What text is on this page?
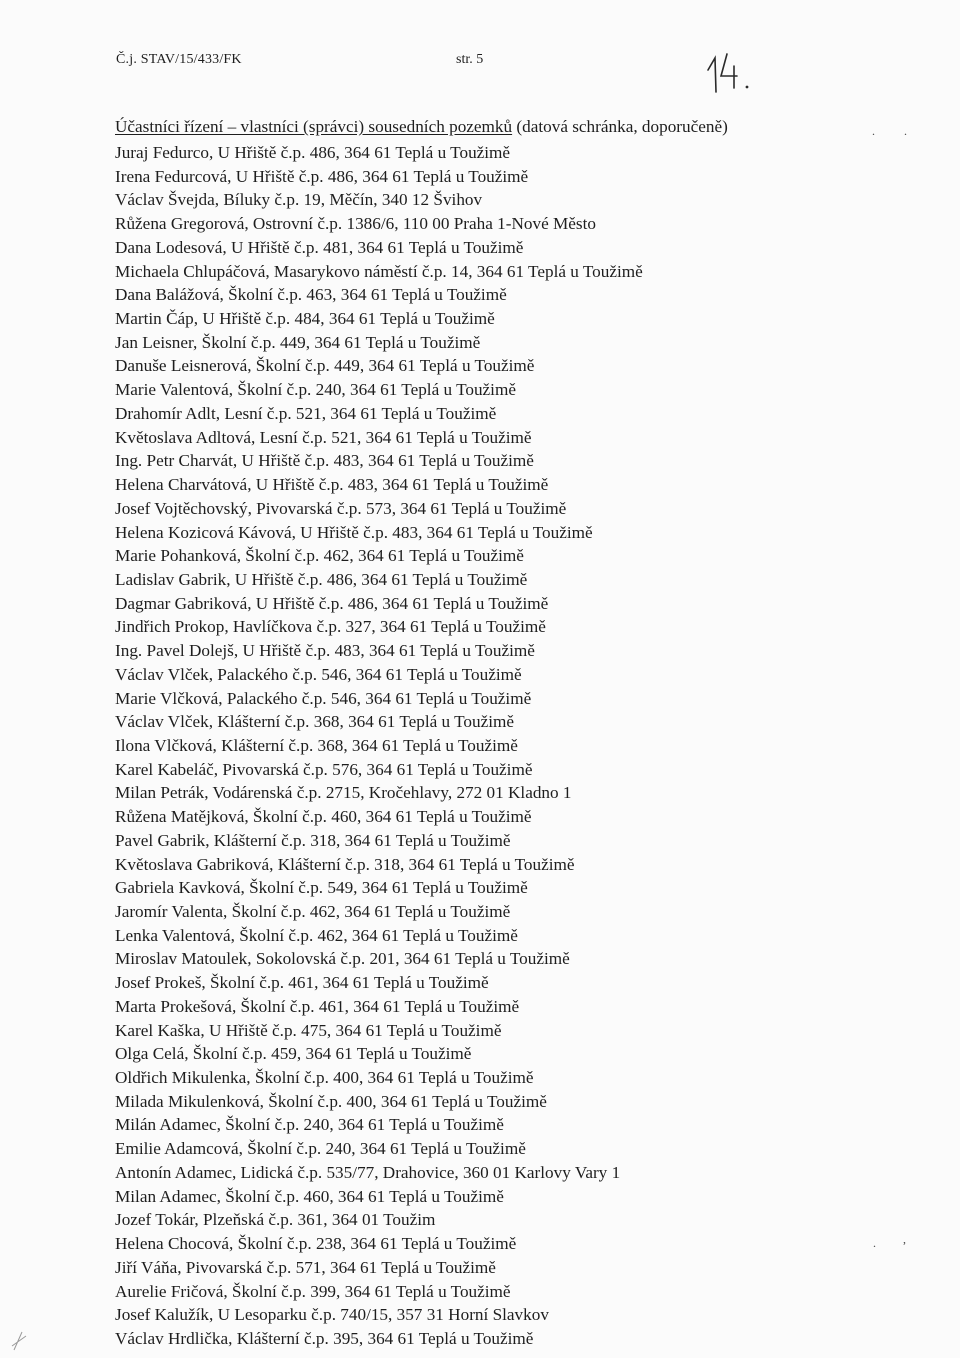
Č.j. STAV/15/433/FK	str. 5
Účastníci řízení – vlastníci (správci) sousedních pozemků (datová schránka, doporučeně)
Juraj Fedurco, U Hřiště č.p. 486, 364 61 Teplá u Toužimě
Irena Fedurcová, U Hřiště č.p. 486, 364 61 Teplá u Toužimě
Václav Švejda, Bíluky č.p. 19, Měčín, 340 12 Švihov
Růžena Gregorová, Ostrovní č.p. 1386/6, 110 00 Praha 1-Nové Město
Dana Lodesová, U Hřiště č.p. 481, 364 61 Teplá u Toužimě
Michaela Chlupáčová, Masarykovo náměstí č.p. 14, 364 61 Teplá u Toužimě
Dana Balážová, Školní č.p. 463, 364 61 Teplá u Toužimě
Martin Čáp, U Hřiště č.p. 484, 364 61 Teplá u Toužimě
Jan Leisner, Školní č.p. 449, 364 61 Teplá u Toužimě
Danuše Leisnerová, Školní č.p. 449, 364 61 Teplá u Toužimě
Marie Valentová, Školní č.p. 240, 364 61 Teplá u Toužimě
Drahomír Adlt, Lesní č.p. 521, 364 61 Teplá u Toužimě
Květoslava Adltová, Lesní č.p. 521, 364 61 Teplá u Toužimě
Ing. Petr Charvát, U Hřiště č.p. 483, 364 61 Teplá u Toužimě
Helena Charvátová, U Hřiště č.p. 483, 364 61 Teplá u Toužimě
Josef Vojtěchovský, Pivovarská č.p. 573, 364 61 Teplá u Toužimě
Helena Kozicová Kávová, U Hřiště č.p. 483, 364 61 Teplá u Toužimě
Marie Pohanková, Školní č.p. 462, 364 61 Teplá u Toužimě
Ladislav Gabrik, U Hřiště č.p. 486, 364 61 Teplá u Toužimě
Dagmar Gabriková, U Hřiště č.p. 486, 364 61 Teplá u Toužimě
Jindřich Prokop, Havlíčkova č.p. 327, 364 61 Teplá u Toužimě
Ing. Pavel Dolejš, U Hřiště č.p. 483, 364 61 Teplá u Toužimě
Václav Vlček, Palackého č.p. 546, 364 61 Teplá u Toužimě
Marie Vlčková, Palackého č.p. 546, 364 61 Teplá u Toužimě
Václav Vlček, Klášterní č.p. 368, 364 61 Teplá u Toužimě
Ilona Vlčková, Klášterní č.p. 368, 364 61 Teplá u Toužimě
Karel Kabeláč, Pivovarská č.p. 576, 364 61 Teplá u Toužimě
Milan Petrák, Vodárenská č.p. 2715, Kročehlavy, 272 01 Kladno 1
Růžena Matějková, Školní č.p. 460, 364 61 Teplá u Toužimě
Pavel Gabrik, Klášterní č.p. 318, 364 61 Teplá u Toužimě
Květoslava Gabriková, Klášterní č.p. 318, 364 61 Teplá u Toužimě
Gabriela Kavková, Školní č.p. 549, 364 61 Teplá u Toužimě
Jaromír Valenta, Školní č.p. 462, 364 61 Teplá u Toužimě
Lenka Valentová, Školní č.p. 462, 364 61 Teplá u Toužimě
Miroslav Matoulek, Sokolovská č.p. 201, 364 61 Teplá u Toužimě
Josef Prokeš, Školní č.p. 461, 364 61 Teplá u Toužimě
Marta Prokešová, Školní č.p. 461, 364 61 Teplá u Toužimě
Karel Kaška, U Hřiště č.p. 475, 364 61 Teplá u Toužimě
Olga Celá, Školní č.p. 459, 364 61 Teplá u Toužimě
Oldřich Mikulenka, Školní č.p. 400, 364 61 Teplá u Toužimě
Milada Mikulenková, Školní č.p. 400, 364 61 Teplá u Toužimě
Milán Adamec, Školní č.p. 240, 364 61 Teplá u Toužimě
Emilie Adamcová, Školní č.p. 240, 364 61 Teplá u Toužimě
Antonín Adamec, Lidická č.p. 535/77, Drahovice, 360 01 Karlovy Vary 1
Milan Adamec, Školní č.p. 460, 364 61 Teplá u Toužimě
Jozef Tokár, Plzeňská č.p. 361, 364 01 Toužim
Helena Chocová, Školní č.p. 238, 364 61 Teplá u Toužimě
Jiří Váňa, Pivovarská č.p. 571, 364 61 Teplá u Toužimě
Aurelie Fričová, Školní č.p. 399, 364 61 Teplá u Toužimě
Josef Kalužík, U Lesoparku č.p. 740/15, 357 31 Horní Slavkov
Václav Hrdlička, Klášterní č.p. 395, 364 61 Teplá u Toužimě
. .
. ,
